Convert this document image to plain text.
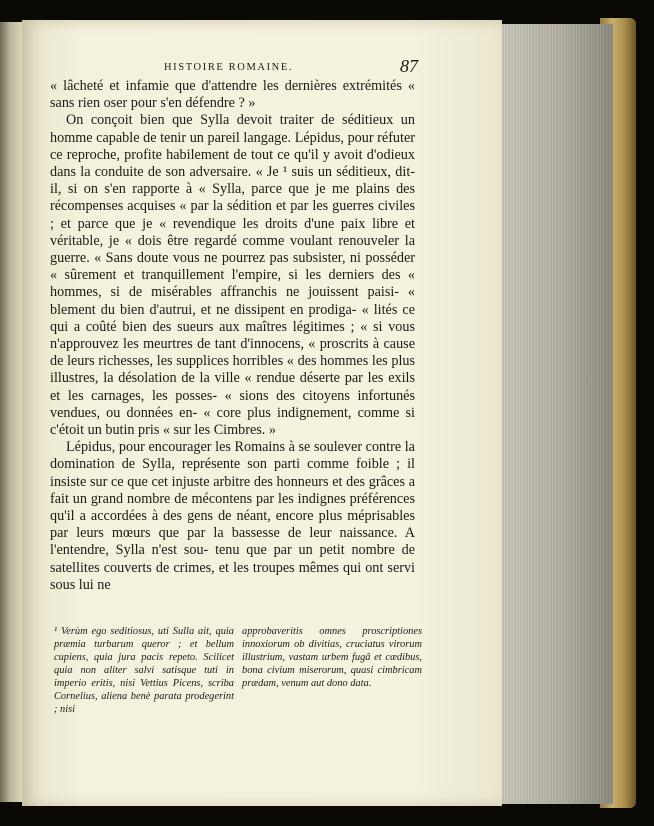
HISTOIRE ROMAINE.	87

« lâcheté et infamie que d'attendre les dernières extrémités « sans rien oser pour s'en défendre ? »

On conçoit bien que Sylla devoit traiter de séditieux un homme capable de tenir un pareil langage. Lépidus, pour réfuter ce reproche, profite habilement de tout ce qu'il y avoit d'odieux dans la conduite de son adversaire. « Je ¹ suis un séditieux, dit-il, si on s'en rapporte à « Sylla, parce que je me plains des récompenses acquises « par la sédition et par les guerres civiles ; et parce que je « revendique les droits d'une paix libre et véritable, je « dois être regardé comme voulant renouveler la guerre. « Sans doute vous ne pourrez pas subsister, ni posséder « sûrement et tranquillement l'empire, si les derniers des « hommes, si de misérables affranchis ne jouissent paisi- « blement du bien d'autrui, et ne dissipent en prodiga- « lités ce qui a coûté bien des sueurs aux maîtres légitimes ; « si vous n'approuvez les meurtres de tant d'innocens, « proscrits à cause de leurs richesses, les supplices horribles « des hommes les plus illustres, la désolation de la ville « rendue déserte par les exils et les carnages, les posses- « sions des citoyens infortunés vendues, ou données en- « core plus indignement, comme si c'étoit un butin pris « sur les Cimbres. »

Lépidus, pour encourager les Romains à se soulever contre la domination de Sylla, représente son parti comme foible ; il insiste sur ce que cet injuste arbitre des honneurs et des grâces a fait un grand nombre de mécontens par les indignes préférences qu'il a accordées à des gens de néant, encore plus méprisables par leurs mœurs que par la bassesse de leur naissance. A l'entendre, Sylla n'est sou- tenu que par un petit nombre de satellites couverts de crimes, et les troupes mêmes qui ont servi sous lui ne

¹ Verùm ego seditiosus, uti Sulla ait, quia præmia turbarum queror ; et bellum cupiens, quia jura pacis repeto. Scilicet quia non aliter salvi satisque tuti in imperio eritis, nisi Vettius Picens, scriba Cornelius, aliena benè parata prodegerint ; nisi
approbaveritis omnes proscriptiones innoxiorum ob divitias, cruciatus virorum illustrium, vastam urbem fugâ et cædibus, bona civium miserorum, quasi cimbricam prædam, venum aut dono data.
